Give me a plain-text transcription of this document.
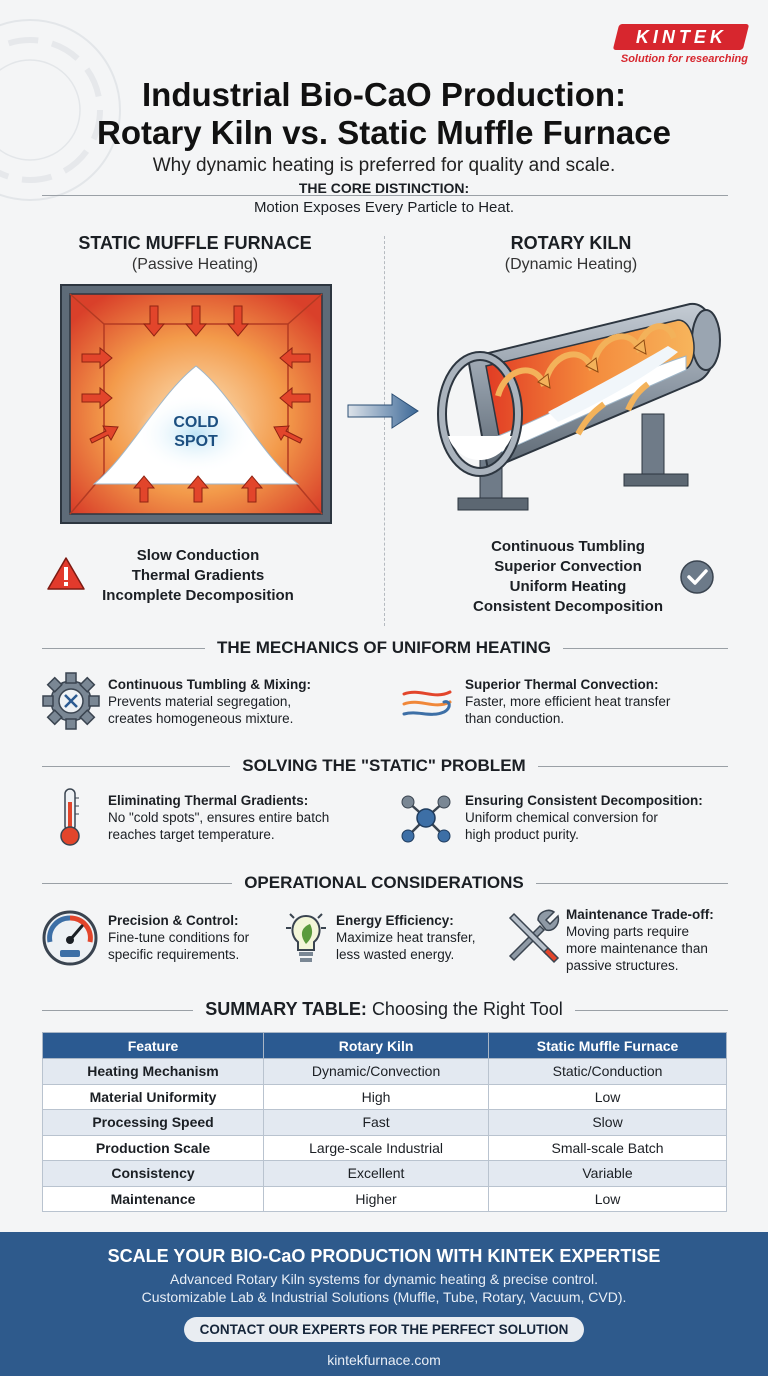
KINTEK
Solution for researching
Industrial Bio-CaO Production:
Rotary Kiln vs. Static Muffle Furnace
Why dynamic heating is preferred for quality and scale.
THE CORE DISTINCTION:
Motion Exposes Every Particle to Heat.
STATIC MUFFLE FURNACE
(Passive Heating)
COLD
SPOT
ROTARY KILN
(Dynamic Heating)
Slow Conduction
Thermal Gradients
Incomplete Decomposition
Continuous Tumbling
Superior Convection
Uniform Heating
Consistent Decomposition
THE MECHANICS OF UNIFORM HEATING
Continuous Tumbling & Mixing:
Prevents material segregation,
creates homogeneous mixture.
Superior Thermal Convection:
Faster, more efficient heat transfer
than conduction.
SOLVING THE "STATIC" PROBLEM
Eliminating Thermal Gradients:
No "cold spots", ensures entire batch
reaches target temperature.
Ensuring Consistent Decomposition:
Uniform chemical conversion for
high product purity.
OPERATIONAL CONSIDERATIONS
Precision & Control:
Fine-tune conditions for
specific requirements.
Energy Efficiency:
Maximize heat transfer,
less wasted energy.
Maintenance Trade-off:
Moving parts require
more maintenance than
passive structures.
SUMMARY TABLE: Choosing the Right Tool
Feature	Rotary Kiln	Static Muffle Furnace
Heating Mechanism	Dynamic/Convection	Static/Conduction
Material Uniformity	High	Low
Processing Speed	Fast	Slow
Production Scale	Large-scale Industrial	Small-scale Batch
Consistency	Excellent	Variable
Maintenance	Higher	Low
SCALE YOUR BIO-CaO PRODUCTION WITH KINTEK EXPERTISE
Advanced Rotary Kiln systems for dynamic heating & precise control.
Customizable Lab & Industrial Solutions (Muffle, Tube, Rotary, Vacuum, CVD).
CONTACT OUR EXPERTS FOR THE PERFECT SOLUTION
kintekfurnace.com
